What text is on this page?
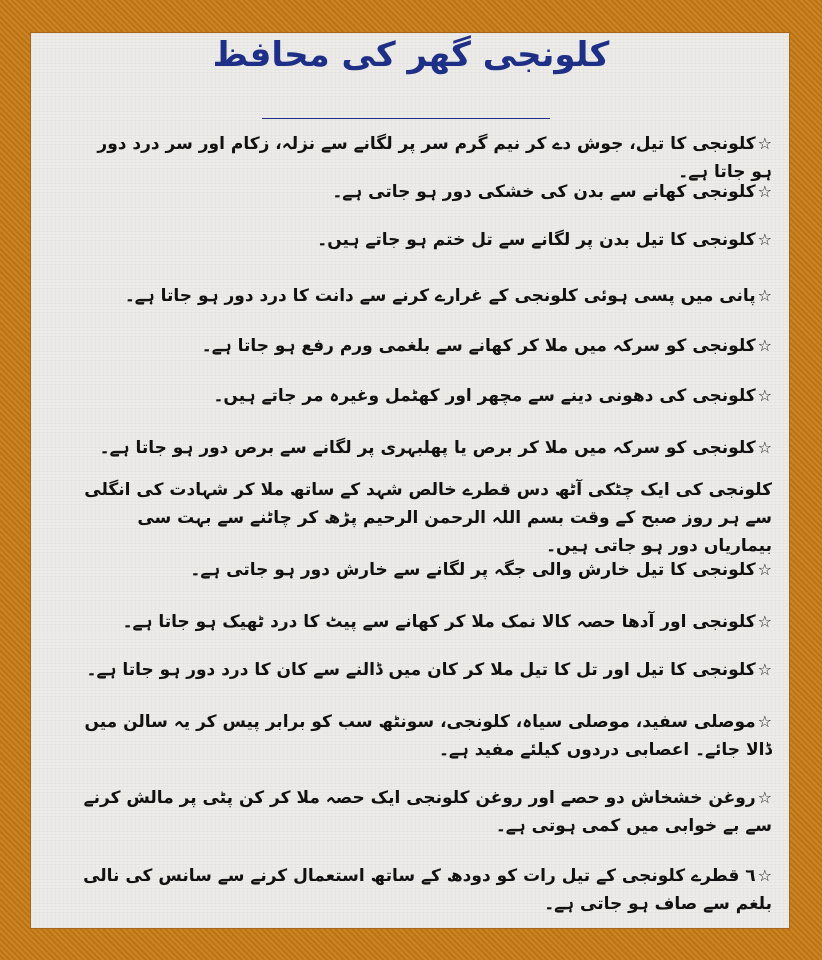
کلونجی گھر کی محافظ
☆کلونجی کا تیل، جوش دے کر نیم گرم سر پر لگانے سے نزلہ، زکام اور سر درد دور ہو جاتا ہے۔
☆کلونجی کھانے سے بدن کی خشکی دور ہو جاتی ہے۔
☆کلونجی کا تیل بدن پر لگانے سے تل ختم ہو جاتے ہیں۔
☆پانی میں پسی ہوئی کلونجی کے غرارے کرنے سے دانت کا درد دور ہو جاتا ہے۔
☆کلونجی کو سرکہ میں ملا کر کھانے سے بلغمی ورم رفع ہو جاتا ہے۔
☆کلونجی کی دھونی دینے سے مچھر اور کھٹمل وغیرہ مر جاتے ہیں۔
☆کلونجی کو سرکہ میں ملا کر برص یا پھلبہری پر لگانے سے برص دور ہو جاتا ہے۔
کلونجی کی ایک چٹکی آٹھ دس قطرے خالص شہد کے ساتھ ملا کر شہادت کی انگلی سے ہر روز صبح کے وقت بسم اللہ الرحمن الرحیم پڑھ کر چاٹنے سے بہت سی بیماریاں دور ہو جاتی ہیں۔
☆کلونجی کا تیل خارش والی جگہ پر لگانے سے خارش دور ہو جاتی ہے۔
☆کلونجی اور آدھا حصہ کالا نمک ملا کر کھانے سے پیٹ کا درد ٹھیک ہو جاتا ہے۔
☆کلونجی کا تیل اور تل کا تیل ملا کر کان میں ڈالنے سے کان کا درد دور ہو جاتا ہے۔
☆موصلی سفید، موصلی سیاہ، کلونجی، سونٹھ سب کو برابر پیس کر یہ سالن میں ڈالا جائے۔ اعصابی دردوں کیلئے مفید ہے۔
☆روغن خشخاش دو حصے اور روغن کلونجی ایک حصہ ملا کر کن پٹی پر مالش کرنے سے بے خوابی میں کمی ہوتی ہے۔
☆٦ قطرے کلونجی کے تیل رات کو دودھ کے ساتھ استعمال کرنے سے سانس کی نالی بلغم سے صاف ہو جاتی ہے۔
